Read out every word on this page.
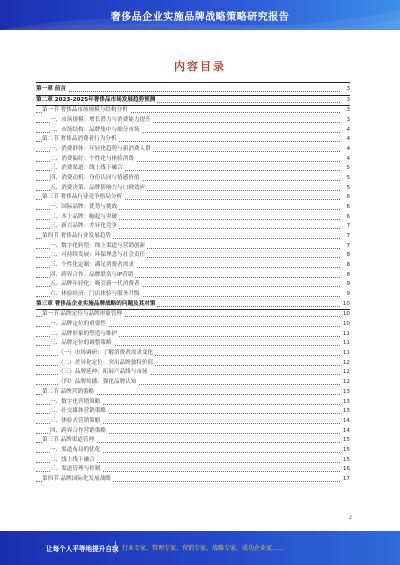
奢侈品企业实施品牌战略策略研究报告
内容目录
第一章 前言	3
第二章 2023-2025年奢侈品市场发展趋势预测	3
第一节 奢侈品市场规模与结构分析	3
一、市场规模：增长潜力与消费能力提升	3
二、市场结构：品牌集中与细分市场	4
第二节 奢侈品消费者行为分析	4
一、消费群体：年轻化趋势与新消费人群	4
二、消费偏好：个性化与体验消费	4
三、消费渠道：线上线下融合	5
四、消费动机：身份认同与情感价值	5
五、消费决策：品牌影响力与口碑效应	5
第三节 奢侈品行业竞争格局分析	6
一、国际品牌：优势与挑战	6
二、本土品牌：崛起与突破	6
三、新兴品牌：差异化竞争	7
第四节 奢侈品行业发展趋势	7
一、数字化转型：线上渠道与营销创新	7
二、可持续发展：环保理念与社会责任	8
三、个性化定制：满足消费者需求	8
四、跨界合作：品牌联名与IP营销	8
五、品牌年轻化：吸引新一代消费者	9
六、体验经济：门店体验与服务升级	9
第三章 奢侈品企业实施品牌战略的问题及其对策	10
第一节 品牌定位与品牌形象管理	10
一、品牌定位的重要性	10
二、品牌形象的塑造与维护	11
三、品牌定位的调整策略	11
（一）市场调研：了解消费者需求变化	11
（二）差异化定位：突出品牌独特价值	12
（三）品牌延伸：拓展产品线与市场	12
（四）品牌传播：强化品牌认知	12
第二节 品牌营销策略	13
一、数字化营销策略	13
二、社交媒体营销策略	13
三、体验式营销策略	14
四、跨界合作营销策略	14
第三节 品牌渠道管理	15
一、渠道布局的优化	15
二、线上线下融合	15
三、渠道管理与控制	16
第四节 品牌国际化发展战略	17
2
让每个人平等地提升自我 行业专家、管理专家、营销专家、战略专家、成功企业家……
